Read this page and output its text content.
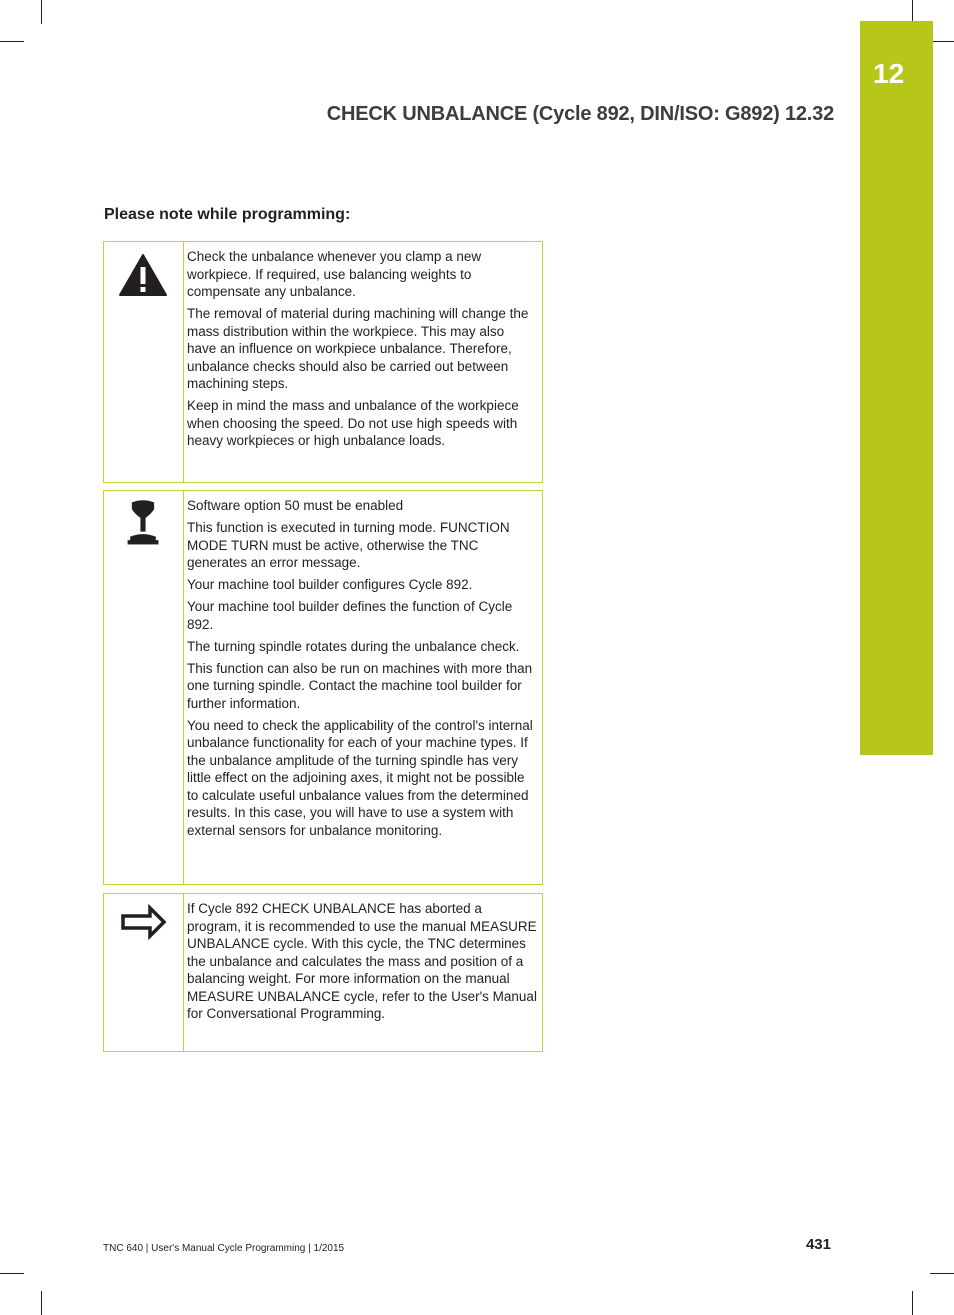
12
CHECK UNBALANCE (Cycle 892, DIN/ISO: G892) 12.32
Please note while programming:

Check the unbalance whenever you clamp a new workpiece. If required, use balancing weights to compensate any unbalance.

The removal of material during machining will change the mass distribution within the workpiece. This may also have an influence on workpiece unbalance. Therefore, unbalance checks should also be carried out between machining steps.

Keep in mind the mass and unbalance of the workpiece when choosing the speed. Do not use high speeds with heavy workpieces or high unbalance loads.

Software option 50 must be enabled

This function is executed in turning mode. FUNCTION MODE TURN must be active, otherwise the TNC generates an error message.

Your machine tool builder configures Cycle 892.

Your machine tool builder defines the function of Cycle 892.

The turning spindle rotates during the unbalance check.

This function can also be run on machines with more than one turning spindle. Contact the machine tool builder for further information.

You need to check the applicability of the control's internal unbalance functionality for each of your machine types. If the unbalance amplitude of the turning spindle has very little effect on the adjoining axes, it might not be possible to calculate useful unbalance values from the determined results. In this case, you will have to use a system with external sensors for unbalance monitoring.

If Cycle 892 CHECK UNBALANCE has aborted a program, it is recommended to use the manual MEASURE UNBALANCE cycle. With this cycle, the TNC determines the unbalance and calculates the mass and position of a balancing weight. For more information on the manual MEASURE UNBALANCE cycle, refer to the User's Manual for Conversational Programming.

TNC 640 | User's Manual Cycle Programming | 1/2015	431
